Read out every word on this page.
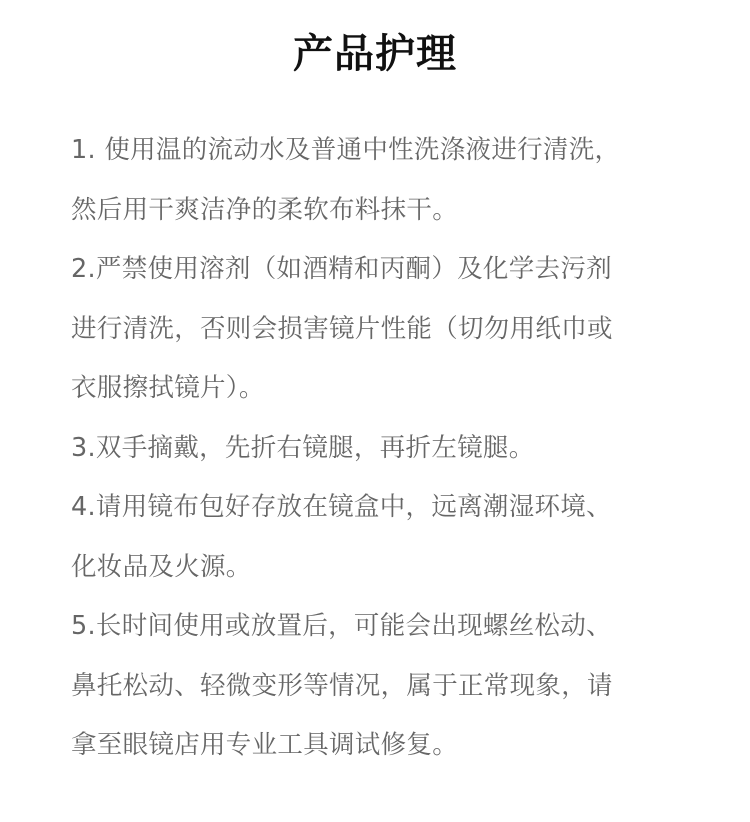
产品护理
1. 使用温的流动水及普通中性洗涤液进行清洗，
然后用干爽洁净的柔软布料抹干。
2.严禁使用溶剂（如酒精和丙酮）及化学去污剂
进行清洗，否则会损害镜片性能（切勿用纸巾或
衣服擦拭镜片）。
3.双手摘戴，先折右镜腿，再折左镜腿。
4.请用镜布包好存放在镜盒中，远离潮湿环境、
化妆品及火源。
5.长时间使用或放置后，可能会出现螺丝松动、
鼻托松动、轻微变形等情况，属于正常现象，请
拿至眼镜店用专业工具调试修复。
